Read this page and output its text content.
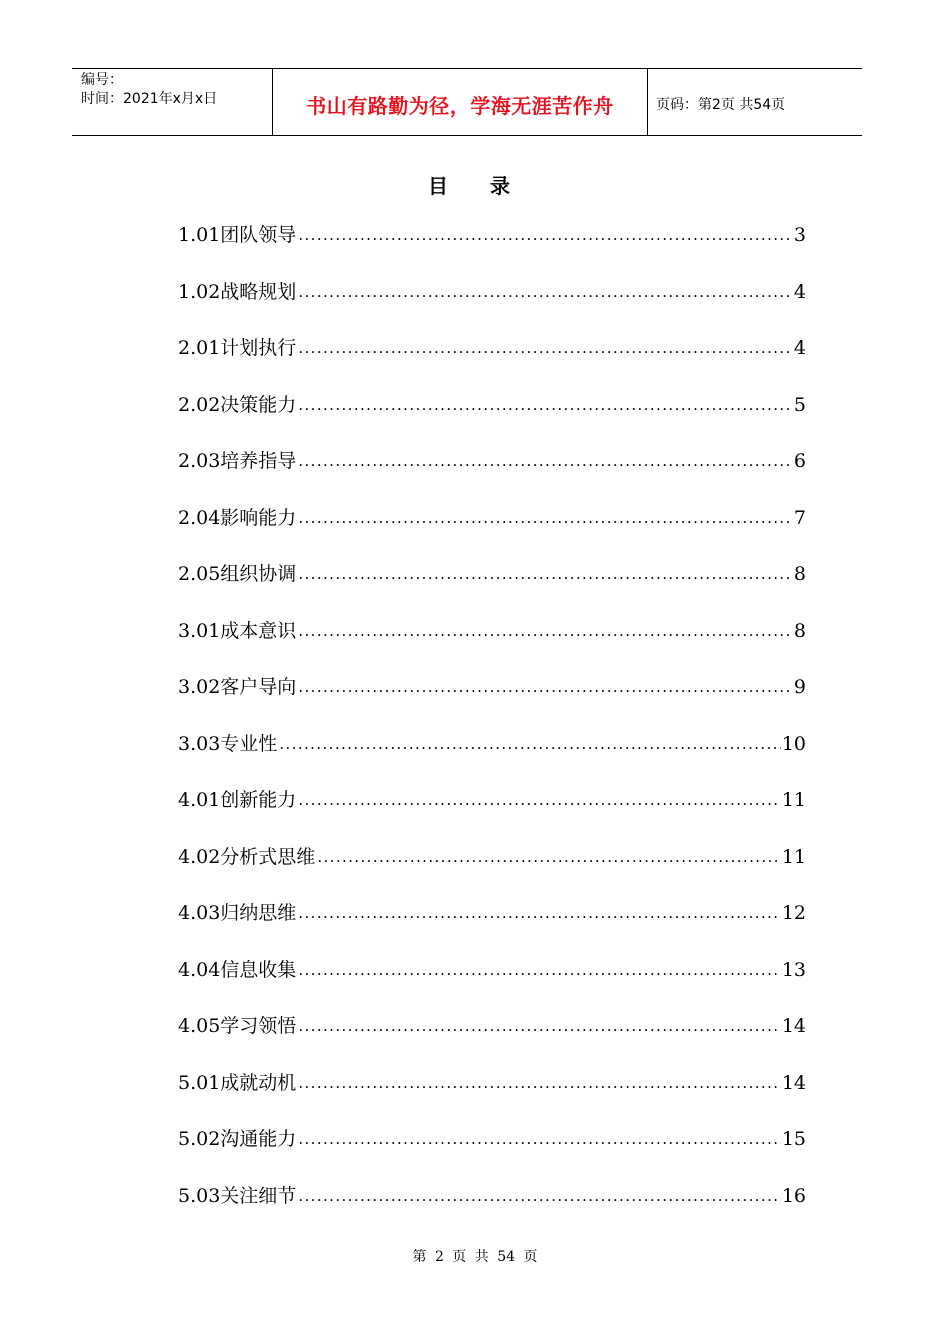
编号：
时间：2021年x月x日	书山有路勤为径，学海无涯苦作舟	页码：第2页 共54页
目录
1.01团队领导 .....	3
1.02战略规划 .....	4
2.01计划执行 .....	4
2.02决策能力 .....	5
2.03培养指导 .....	6
2.04影响能力 .....	7
2.05组织协调 .....	8
3.01成本意识 .....	8
3.02客户导向 .....	9
3.03专业性 .....	10
4.01创新能力 .....	11
4.02分析式思维 .....	11
4.03归纳思维 .....	12
4.04信息收集 .....	13
4.05学习领悟 .....	14
5.01成就动机 .....	14
5.02沟通能力 .....	15
5.03关注细节 .....	16
第 2 页 共 54 页
